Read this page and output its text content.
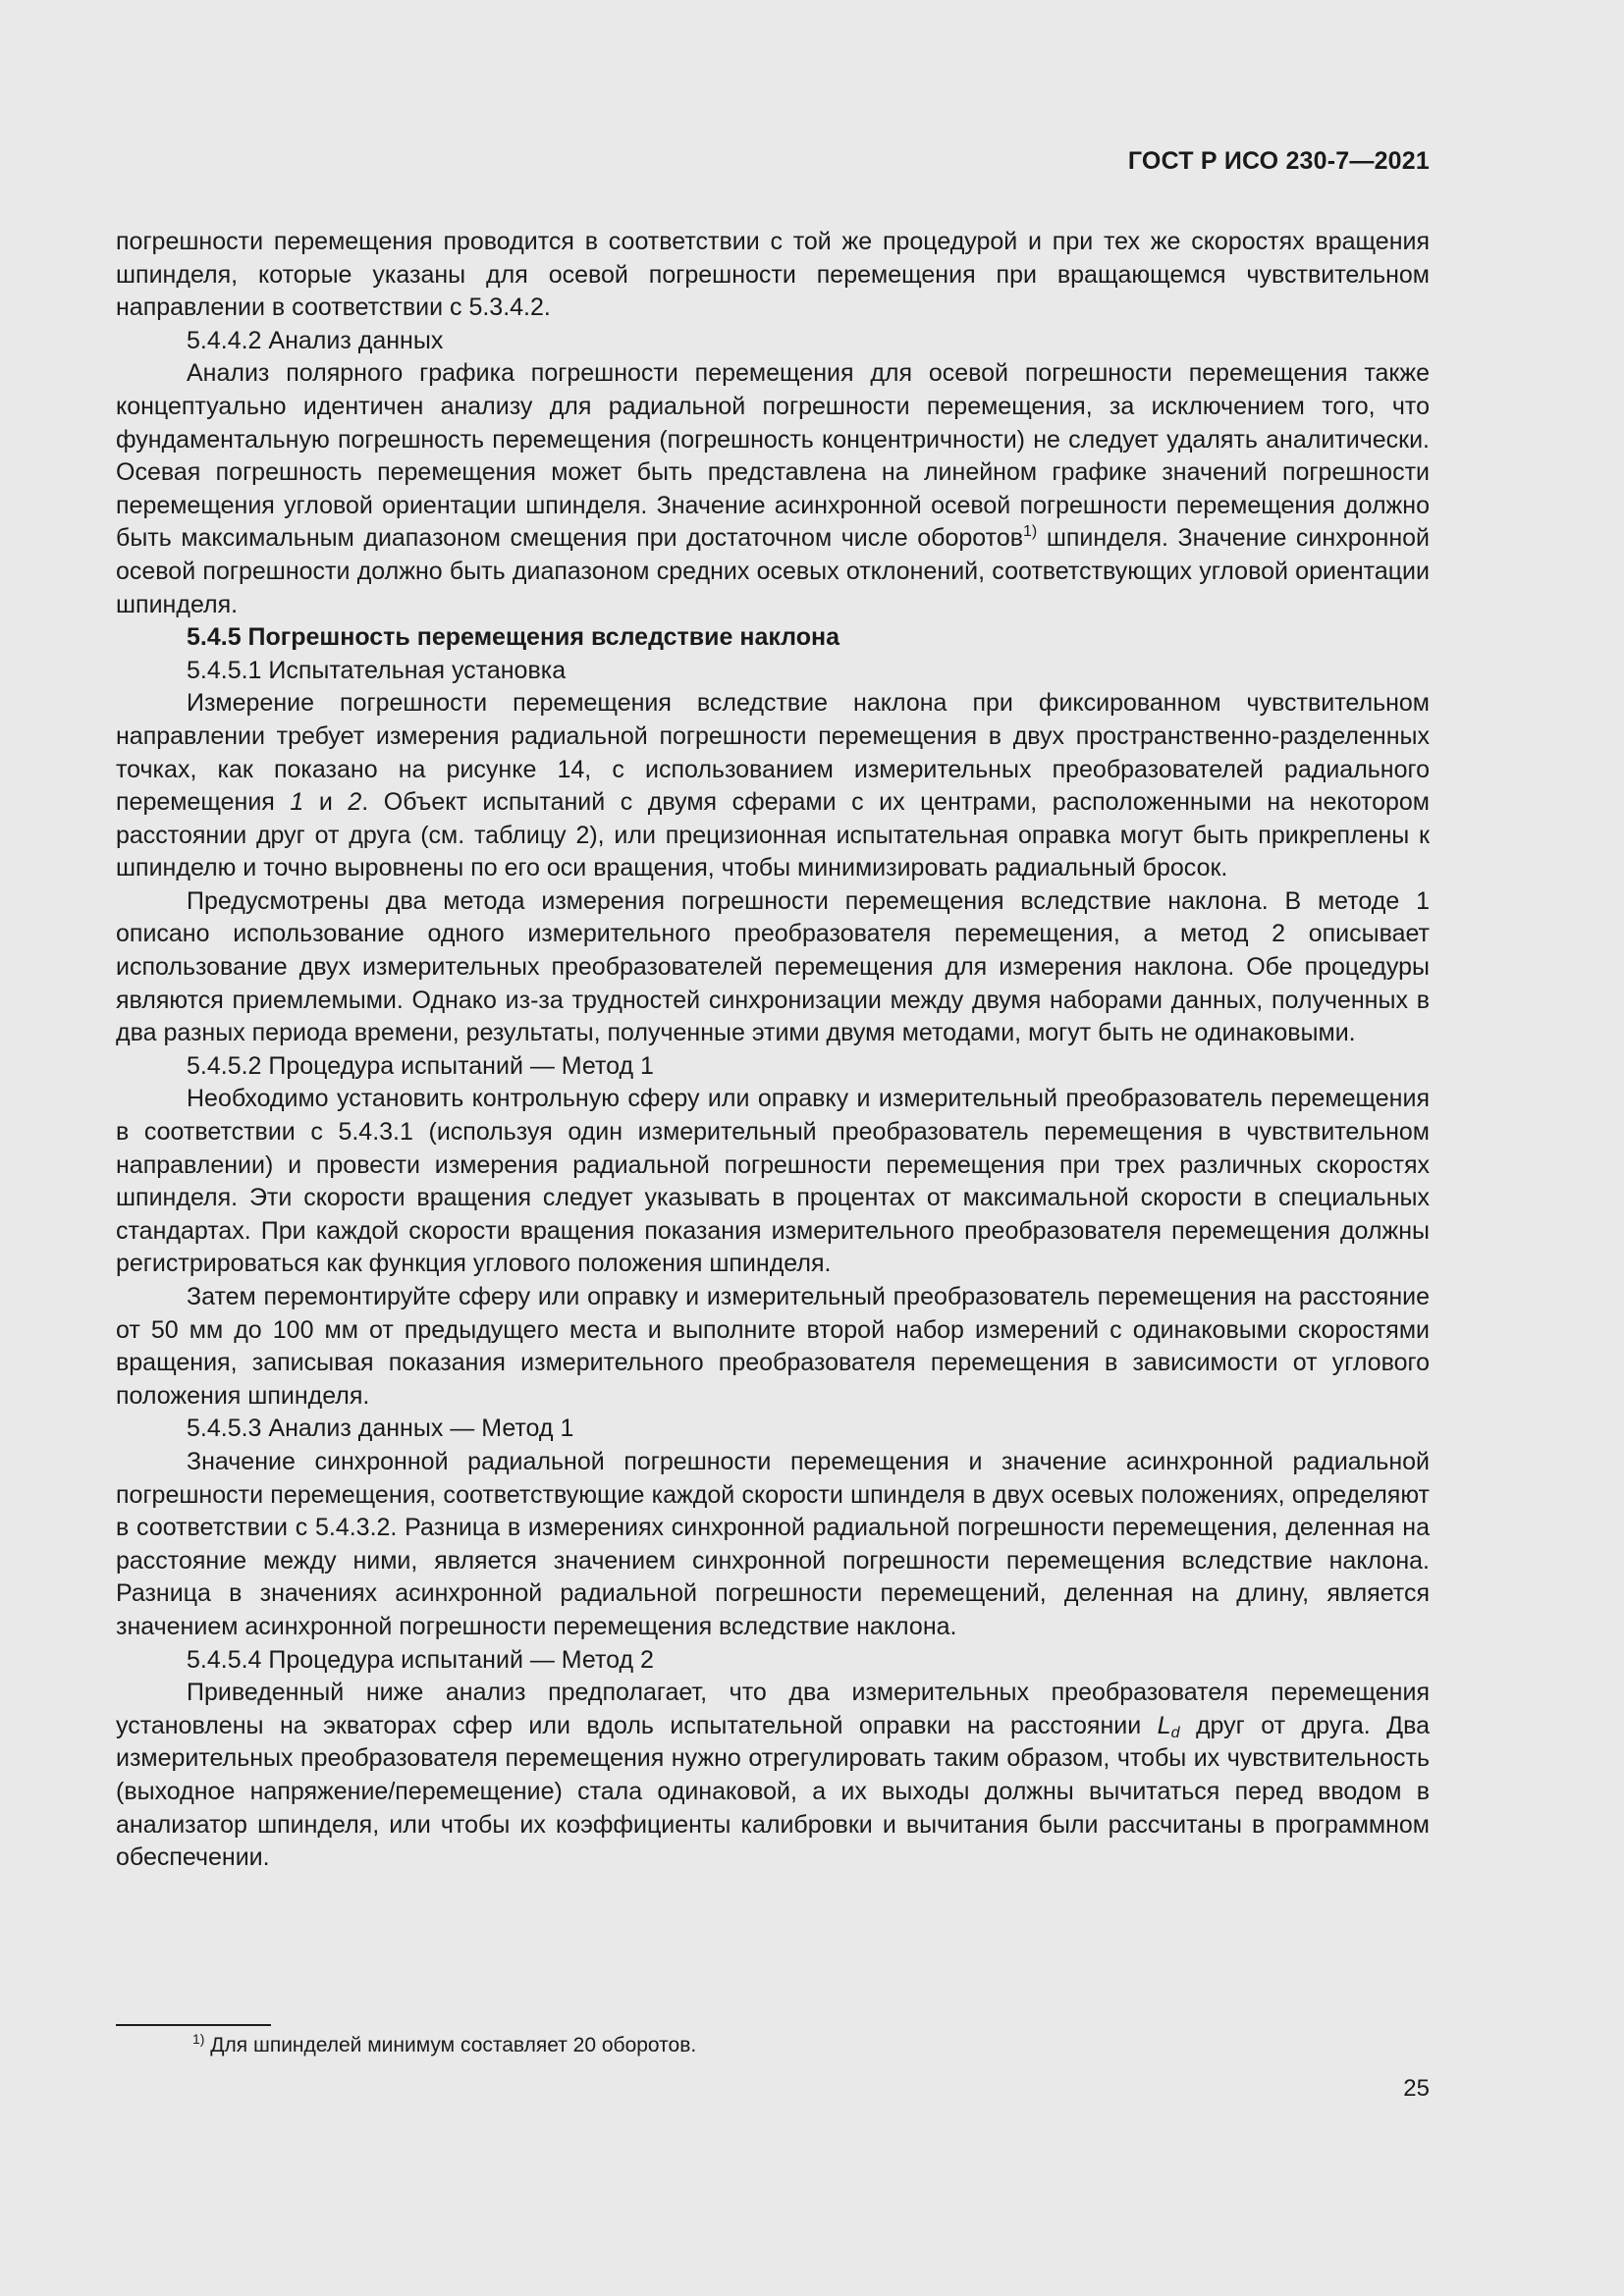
ГОСТ Р ИСО 230-7—2021

погрешности перемещения проводится в соответствии с той же процедурой и при тех же скоростях вращения шпинделя, которые указаны для осевой погрешности перемещения при вращающемся чувствительном направлении в соответствии с 5.3.4.2.

5.4.4.2 Анализ данных

Анализ полярного графика погрешности перемещения для осевой погрешности перемещения также концептуально идентичен анализу для радиальной погрешности перемещения, за исключением того, что фундаментальную погрешность перемещения (погрешность концентричности) не следует удалять аналитически. Осевая погрешность перемещения может быть представлена на линейном графике значений погрешности перемещения угловой ориентации шпинделя. Значение асинхронной осевой погрешности перемещения должно быть максимальным диапазоном смещения при достаточном числе оборотов$^{1)}$ шпинделя. Значение синхронной осевой погрешности должно быть диапазоном средних осевых отклонений, соответствующих угловой ориентации шпинделя.

5.4.5 Погрешность перемещения вследствие наклона

5.4.5.1 Испытательная установка

Измерение погрешности перемещения вследствие наклона при фиксированном чувствительном направлении требует измерения радиальной погрешности перемещения в двух пространственно-разделенных точках, как показано на рисунке 14, с использованием измерительных преобразователей радиального перемещения 1 и 2. Объект испытаний с двумя сферами с их центрами, расположенными на некотором расстоянии друг от друга (см. таблицу 2), или прецизионная испытательная оправка могут быть прикреплены к шпинделю и точно выровнены по его оси вращения, чтобы минимизировать радиальный бросок.

Предусмотрены два метода измерения погрешности перемещения вследствие наклона. В методе 1 описано использование одного измерительного преобразователя перемещения, а метод 2 описывает использование двух измерительных преобразователей перемещения для измерения наклона. Обе процедуры являются приемлемыми. Однако из-за трудностей синхронизации между двумя наборами данных, полученных в два разных периода времени, результаты, полученные этими двумя методами, могут быть не одинаковыми.

5.4.5.2 Процедура испытаний — Метод 1

Необходимо установить контрольную сферу или оправку и измерительный преобразователь перемещения в соответствии с 5.4.3.1 (используя один измерительный преобразователь перемещения в чувствительном направлении) и провести измерения радиальной погрешности перемещения при трех различных скоростях шпинделя. Эти скорости вращения следует указывать в процентах от максимальной скорости в специальных стандартах. При каждой скорости вращения показания измерительного преобразователя перемещения должны регистрироваться как функция углового положения шпинделя.

Затем перемонтируйте сферу или оправку и измерительный преобразователь перемещения на расстояние от 50 мм до 100 мм от предыдущего места и выполните второй набор измерений с одинаковыми скоростями вращения, записывая показания измерительного преобразователя перемещения в зависимости от углового положения шпинделя.

5.4.5.3 Анализ данных — Метод 1

Значение синхронной радиальной погрешности перемещения и значение асинхронной радиальной погрешности перемещения, соответствующие каждой скорости шпинделя в двух осевых положениях, определяют в соответствии с 5.4.3.2. Разница в измерениях синхронной радиальной погрешности перемещения, деленная на расстояние между ними, является значением синхронной погрешности перемещения вследствие наклона. Разница в значениях асинхронной радиальной погрешности перемещений, деленная на длину, является значением асинхронной погрешности перемещения вследствие наклона.

5.4.5.4 Процедура испытаний — Метод 2

Приведенный ниже анализ предполагает, что два измерительных преобразователя перемещения установлены на экваторах сфер или вдоль испытательной оправки на расстоянии $L_d$ друг от друга. Два измерительных преобразователя перемещения нужно отрегулировать таким образом, чтобы их чувствительность (выходное напряжение/перемещение) стала одинаковой, а их выходы должны вычитаться перед вводом в анализатор шпинделя, или чтобы их коэффициенты калибровки и вычитания были рассчитаны в программном обеспечении.

$^{1)}$ Для шпинделей минимум составляет 20 оборотов.
25
